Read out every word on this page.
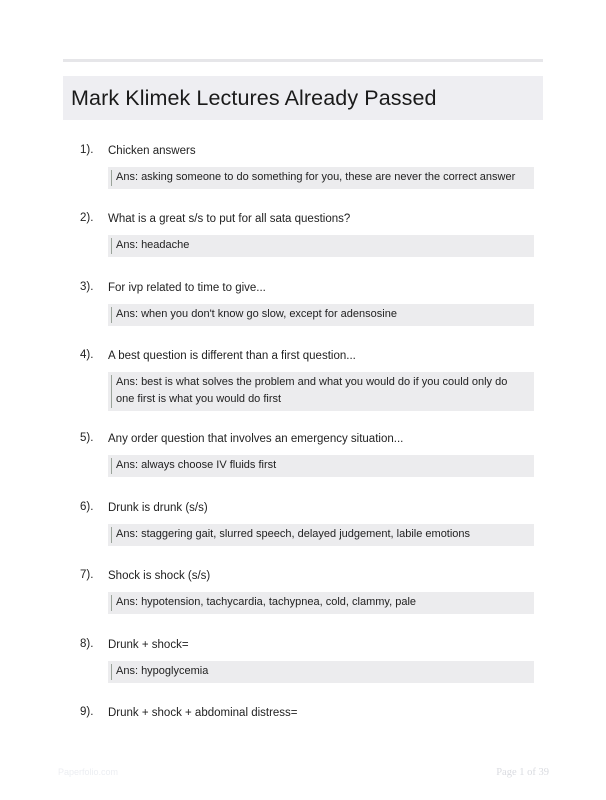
Mark Klimek Lectures Already Passed
1). Chicken answers
Ans: asking someone to do something for you, these are never the correct answer
2). What is a great s/s to put for all sata questions?
Ans: headache
3). For ivp related to time to give...
Ans: when you don't know go slow, except for adensosine
4). A best question is different than a first question...
Ans: best is what solves the problem and what you would do if you could only do one first is what you would do first
5). Any order question that involves an emergency situation...
Ans: always choose IV fluids first
6). Drunk is drunk (s/s)
Ans: staggering gait, slurred speech, delayed judgement, labile emotions
7). Shock is shock (s/s)
Ans: hypotension, tachycardia, tachypnea, cold, clammy, pale
8). Drunk + shock=
Ans: hypoglycemia
9). Drunk + shock + abdominal distress=
Paperfolio.com	Page 1 of 39
